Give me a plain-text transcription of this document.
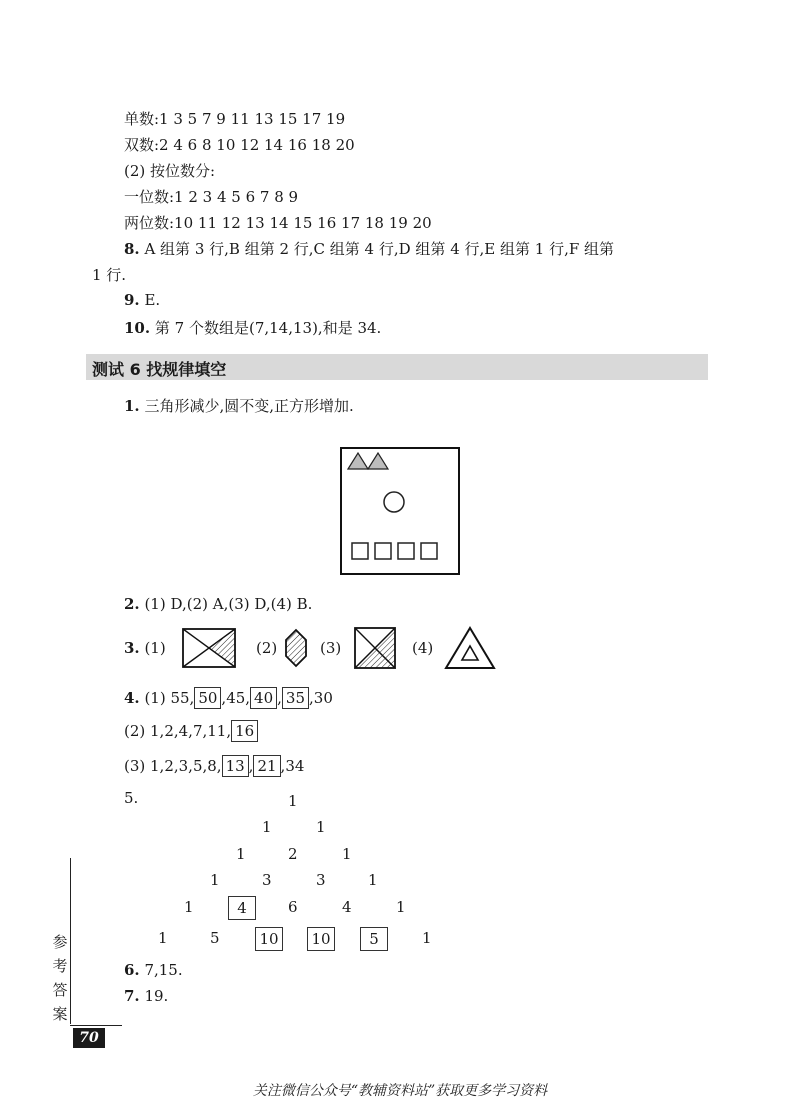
单数:1 3 5 7 9 11 13 15 17 19
双数:2 4 6 8 10 12 14 16 18 20
(2) 按位数分:
一位数:1 2 3 4 5 6 7 8 9
两位数:10 11 12 13 14 15 16 17 18 19 20
8. A 组第 3 行,B 组第 2 行,C 组第 4 行,D 组第 4 行,E 组第 1 行,F 组第
1 行.
9. E.
10. 第 7 个数组是(7,14,13),和是 34.
测试 6 找规律填空
1. 三角形减少,圆不变,正方形增加.
2. (1) D,(2) A,(3) D,(4) B.
3. (1)	(2)	(3)	(4)
4. (1) 55, 50 ,45, 40 , 35 ,30
(2) 1,2,4,7,11, 16
(3) 1,2,3,5,8, 13 , 21 ,34
5.	1
1	1
1	2	1
1	3	3	1
1	4	6	4	1
1	5	10 10	5	1
6. 7,15.
7. 19.
参
考
答
案
70
关注微信公众号“教辅资料站”获取更多学习资料
